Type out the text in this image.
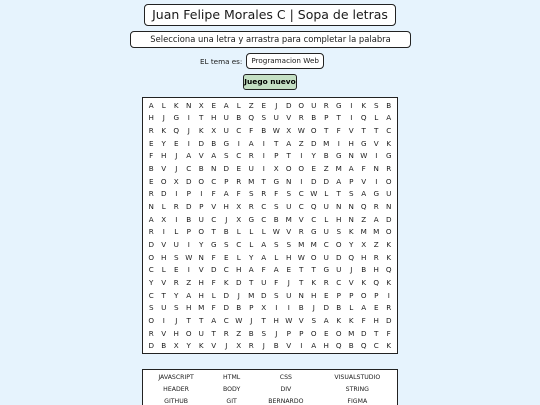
Juan Felipe Morales C | Sopa de letras
Selecciona una letra y arrastra para completar la palabra
EL tema es:	Programacion Web
Juego nuevo
A	L	K	N	X	E	A	L	Z	E	J	D O U	R	G	I	K	S	B
H	J	G	I	T	H U	B Q	S	U	V	R	B	P	T	I	Q	L	A
R	K	Q	J	K	X	U	C	F	B W X W O	T	F	V	T	T	C
E	Y	E	I	D	B	G	I	A	I	T	A	Z	D M	I	H G	V	K
F	H	J	A	V	A	S	C	R	I	P	T	I	Y	B	G N W	I	G
B	V	J	C	B	N D	E	U	I	X O O	E	Z M A	F	N	R
E	O	X	D O C	P	R M	T	G N	I	D D	A	P	V	I	O
R	D	I	P	I	F	A	F	S	R	F	S	C W L	T	S	A	G U
N	L	R	D	P	V	H	X	R	C	S	U	C Q U N N Q R	N
A	X	I	B	U	C	J	X	G	C	B M V	C	L	H N	Z	A	D
R	I	L	P	O	T	B	L	L	L W V	R	G U	S	K M M O
D	V	U	I	Y	G	S	C	L	A	S	S M M C O	Y	X	Z	K
O H	S W N	F	E	L	Y	A	L	H W O U D Q H	R	K
C	L	E	I	V	D	C	H	A	F	A	E	T	T	G U	J	B	H Q
Y	V	R	Z	H	F	K	D	T	U	F	J	T	K	R	C	V	K	Q	K
C	T	Y	A	H	L	D	J	M D	S	U N H	E	P	P	O	P	I
S	U	S	H M	F	D	B	P	X	I	I	B	J	D	B	L	A	E	R
O	I	J	T	T	A	C W	J	T	H W V	S	A	K	K	F	H D
R	V	H O U	T	R	Z	B	S	J	P	P	O	E	O M D	T	F
D	B	X	Y	K	V	J	X	R	J	B	V	I	A	H Q	B Q C	K
JAVASCRIPT	HTML	CSS	VISUALSTUDIO
HEADER	BODY	DIV	STRING
GITHUB	GIT	BERNARDO	FIGMA
